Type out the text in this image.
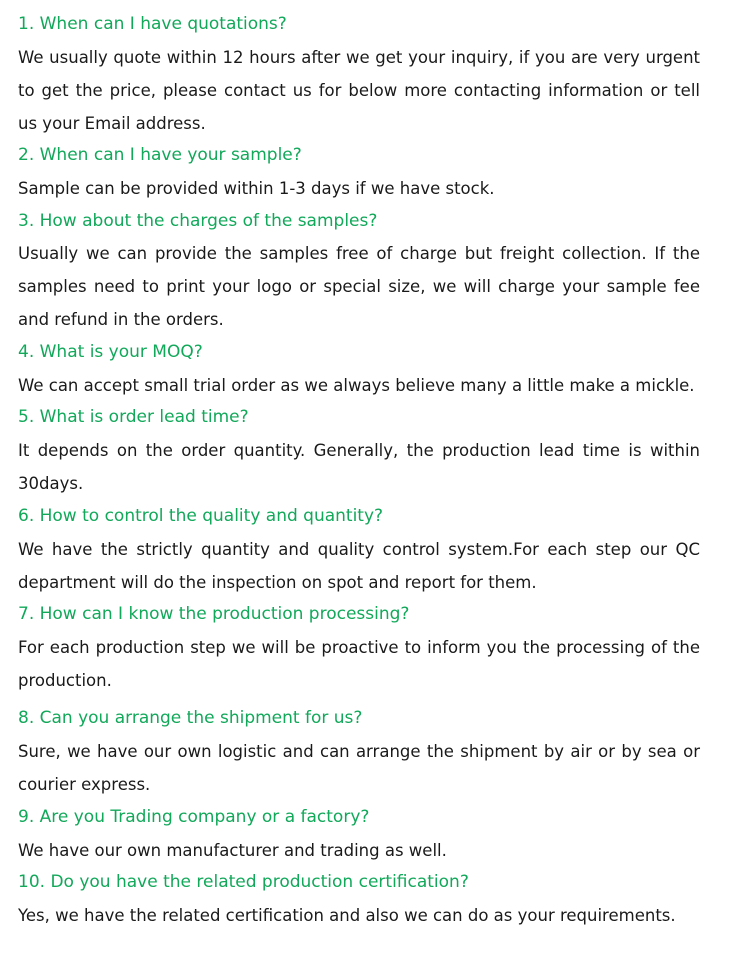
1. When can I have quotations?
We usually quote within 12 hours after we get your inquiry, if you are very urgent
to get the price, please contact us for below more contacting information or tell
us your Email address.
2. When can I have your sample?
Sample can be provided within 1-3 days if we have stock.
3. How about the charges of the samples?
Usually we can provide the samples free of charge but freight collection. If the
samples need to print your logo or special size, we will charge your sample fee
and refund in the orders.
4. What is your MOQ?
We can accept small trial order as we always believe many a little make a mickle.
5. What is order lead time?
It depends on the order quantity. Generally, the production lead time is within
30days.
6. How to control the quality and quantity?
We have the strictly quantity and quality control system.For each step our QC
department will do the inspection on spot and report for them.
7. How can I know the production processing?
For each production step we will be proactive to inform you the processing of the
production.
8. Can you arrange the shipment for us?
Sure, we have our own logistic and can arrange the shipment by air or by sea or
courier express.
9. Are you Trading company or a factory?
We have our own manufacturer and trading as well.
10. Do you have the related production certification?
Yes, we have the related certification and also we can do as your requirements.
